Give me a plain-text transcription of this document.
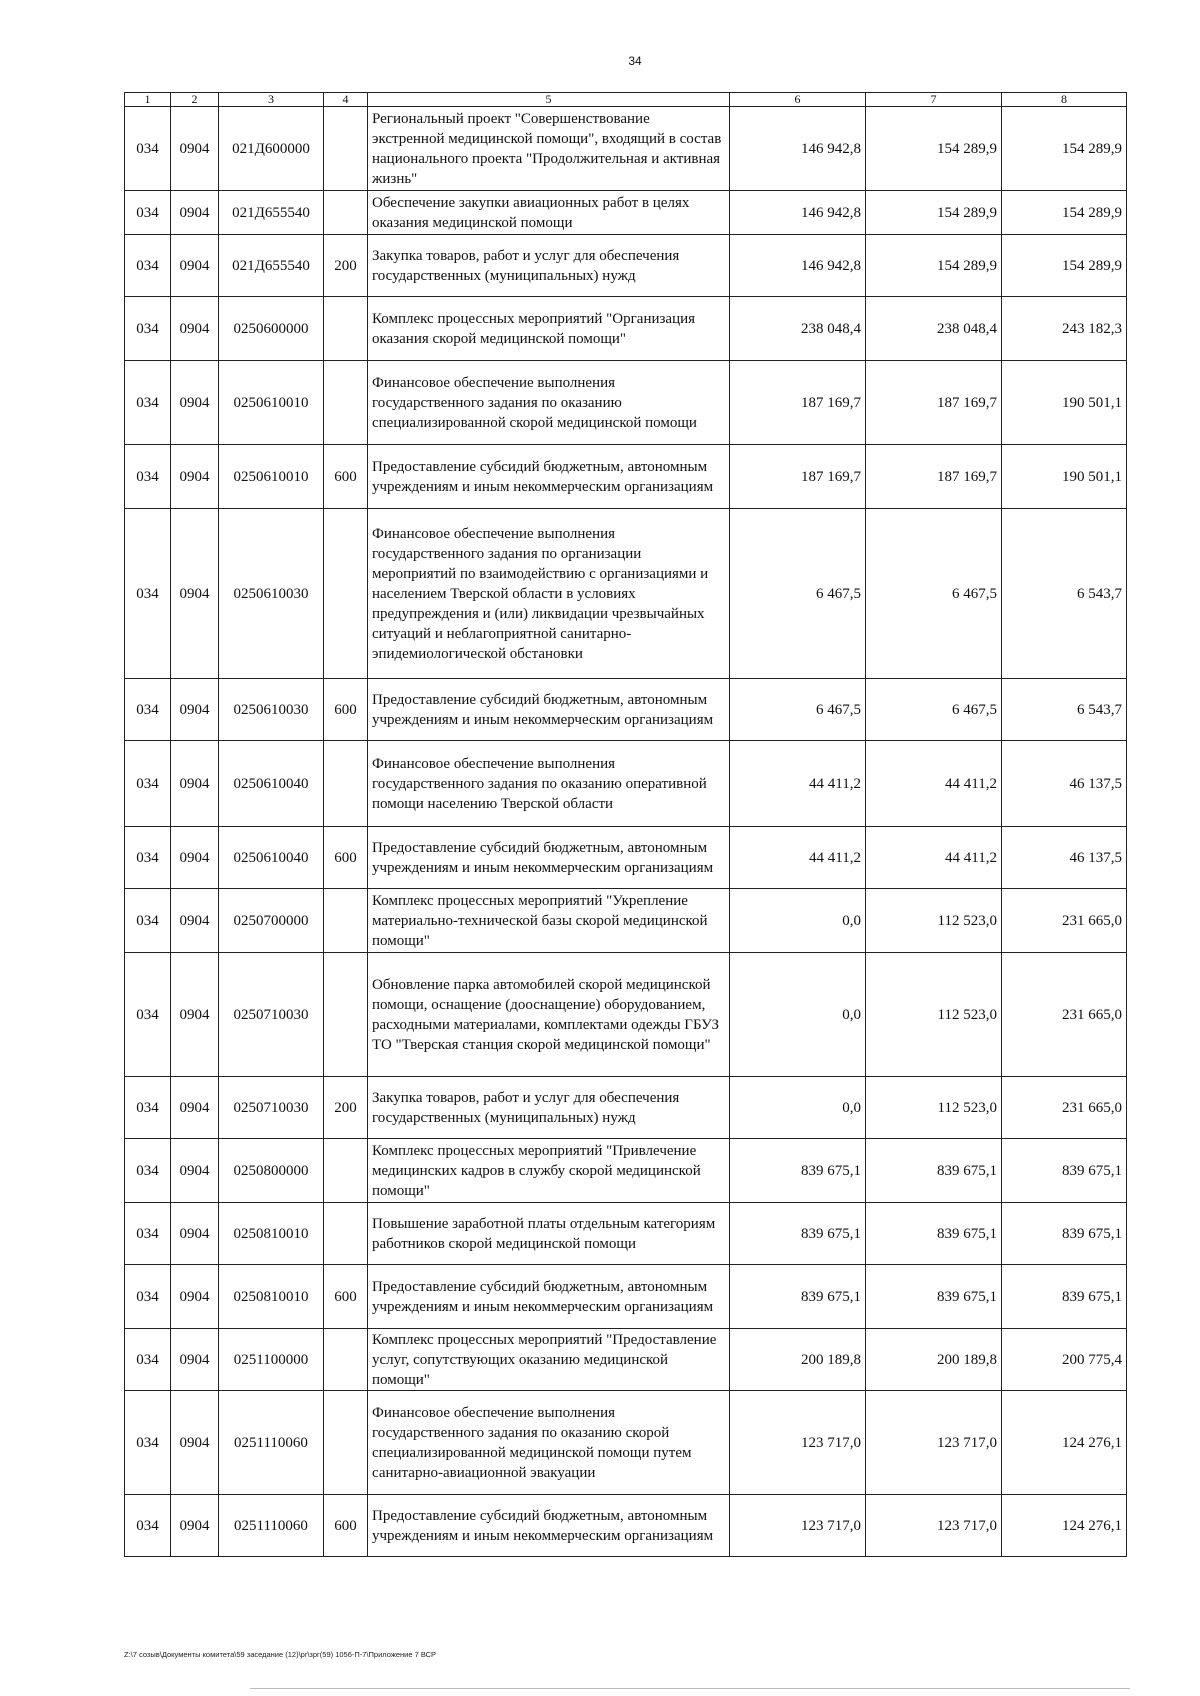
34
1	2	3	4	5	6	7	8
034	0904	021Д600000		Региональный проект "Совершенствование экстренной медицинской помощи", входящий в состав национального проекта "Продолжительная и активная жизнь"	146 942,8	154 289,9	154 289,9
034	0904	021Д655540		Обеспечение закупки авиационных работ в целях оказания медицинской помощи	146 942,8	154 289,9	154 289,9
034	0904	021Д655540	200	Закупка товаров, работ и услуг для обеспечения государственных (муниципальных) нужд	146 942,8	154 289,9	154 289,9
034	0904	0250600000		Комплекс процессных мероприятий "Организация оказания скорой медицинской помощи"	238 048,4	238 048,4	243 182,3
034	0904	0250610010		Финансовое обеспечение выполнения государственного задания по оказанию специализированной скорой медицинской помощи	187 169,7	187 169,7	190 501,1
034	0904	0250610010	600	Предоставление субсидий бюджетным, автономным учреждениям и иным некоммерческим организациям	187 169,7	187 169,7	190 501,1
034	0904	0250610030		Финансовое обеспечение выполнения государственного задания по организации мероприятий по взаимодействию с организациями и населением Тверской области в условиях предупреждения и (или) ликвидации чрезвычайных ситуаций и неблагоприятной санитарно-эпидемиологической обстановки	6 467,5	6 467,5	6 543,7
034	0904	0250610030	600	Предоставление субсидий бюджетным, автономным учреждениям и иным некоммерческим организациям	6 467,5	6 467,5	6 543,7
034	0904	0250610040		Финансовое обеспечение выполнения государственного задания по оказанию оперативной помощи населению Тверской области	44 411,2	44 411,2	46 137,5
034	0904	0250610040	600	Предоставление субсидий бюджетным, автономным учреждениям и иным некоммерческим организациям	44 411,2	44 411,2	46 137,5
034	0904	0250700000		Комплекс процессных мероприятий "Укрепление материально-технической базы скорой медицинской помощи"	0,0	112 523,0	231 665,0
034	0904	0250710030		Обновление парка автомобилей скорой медицинской помощи, оснащение (дооснащение) оборудованием, расходными материалами, комплектами одежды ГБУЗ ТО "Тверская станция скорой медицинской помощи"	0,0	112 523,0	231 665,0
034	0904	0250710030	200	Закупка товаров, работ и услуг для обеспечения государственных (муниципальных) нужд	0,0	112 523,0	231 665,0
034	0904	0250800000		Комплекс процессных мероприятий "Привлечение медицинских кадров в службу скорой медицинской помощи"	839 675,1	839 675,1	839 675,1
034	0904	0250810010		Повышение заработной платы отдельным категориям работников скорой медицинской помощи	839 675,1	839 675,1	839 675,1
034	0904	0250810010	600	Предоставление субсидий бюджетным, автономным учреждениям и иным некоммерческим организациям	839 675,1	839 675,1	839 675,1
034	0904	0251100000		Комплекс процессных мероприятий "Предоставление услуг, сопутствующих оказанию медицинской помощи"	200 189,8	200 189,8	200 775,4
034	0904	0251110060		Финансовое обеспечение выполнения государственного задания по оказанию скорой специализированной медицинской помощи путем санитарно-авиационной эвакуации	123 717,0	123 717,0	124 276,1
034	0904	0251110060	600	Предоставление субсидий бюджетным, автономным учреждениям и иным некоммерческим организациям	123 717,0	123 717,0	124 276,1
Z:\7 созыв\Документы комитета\59 заседание (12)\pr\зрг(59) 1056-П-7\Приложение 7 ВСР
